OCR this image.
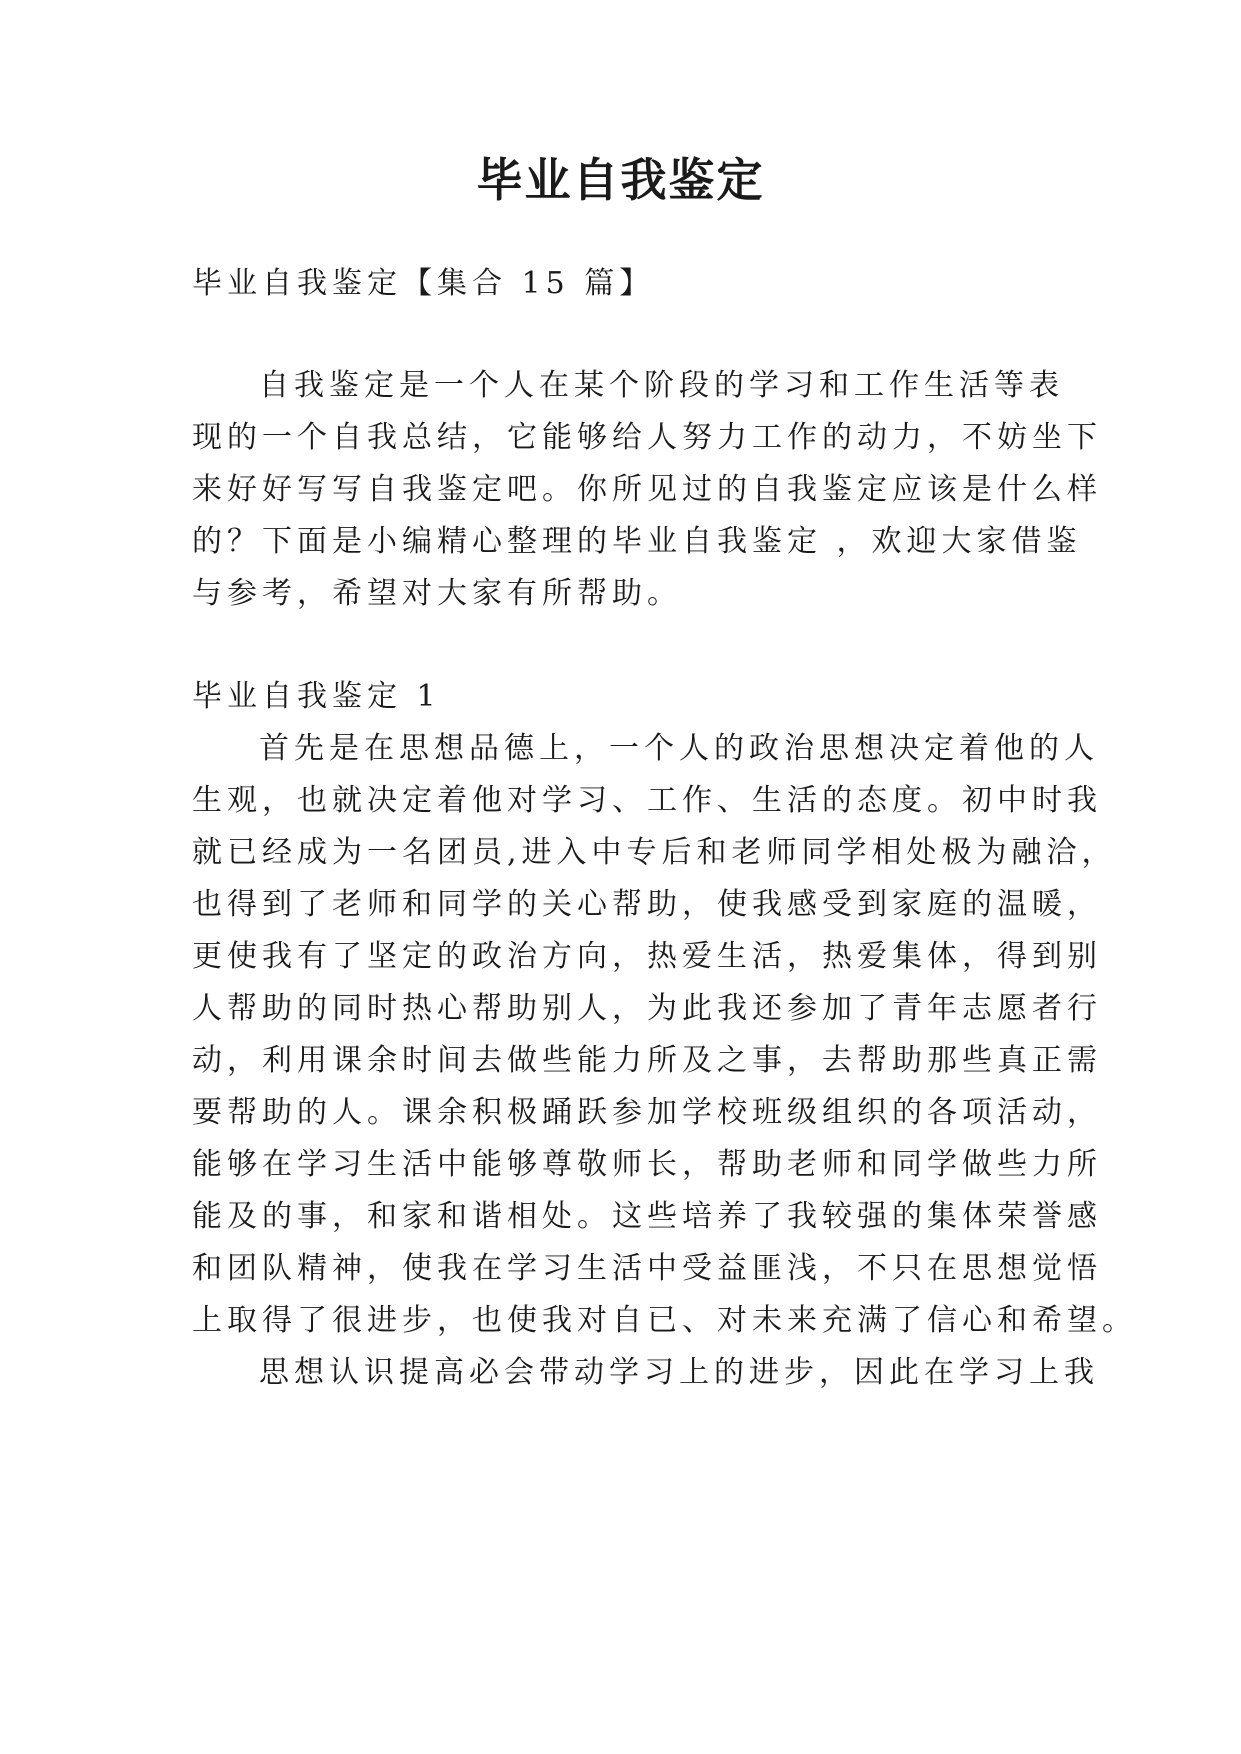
毕业自我鉴定

毕业自我鉴定【集合 15 篇】

自我鉴定是一个人在某个阶段的学习和工作生活等表

现的一个自我总结，它能够给人努力工作的动力，不妨坐下

来好好写写自我鉴定吧。你所见过的自我鉴定应该是什么样

的？下面是小编精心整理的毕业自我鉴定 ，欢迎大家借鉴

与参考，希望对大家有所帮助。

毕业自我鉴定 1

首先是在思想品德上，一个人的政治思想决定着他的人

生观，也就决定着他对学习、工作、生活的态度。初中时我

就已经成为一名团员,进入中专后和老师同学相处极为融洽，

也得到了老师和同学的关心帮助，使我感受到家庭的温暖，

更使我有了坚定的政治方向，热爱生活，热爱集体，得到别

人帮助的同时热心帮助别人，为此我还参加了青年志愿者行

动，利用课余时间去做些能力所及之事，去帮助那些真正需

要帮助的人。课余积极踊跃参加学校班级组织的各项活动，

能够在学习生活中能够尊敬师长，帮助老师和同学做些力所

能及的事，和家和谐相处。这些培养了我较强的集体荣誉感

和团队精神，使我在学习生活中受益匪浅，不只在思想觉悟

上取得了很进步，也使我对自已、对未来充满了信心和希望。

思想认识提高必会带动学习上的进步，因此在学习上我
